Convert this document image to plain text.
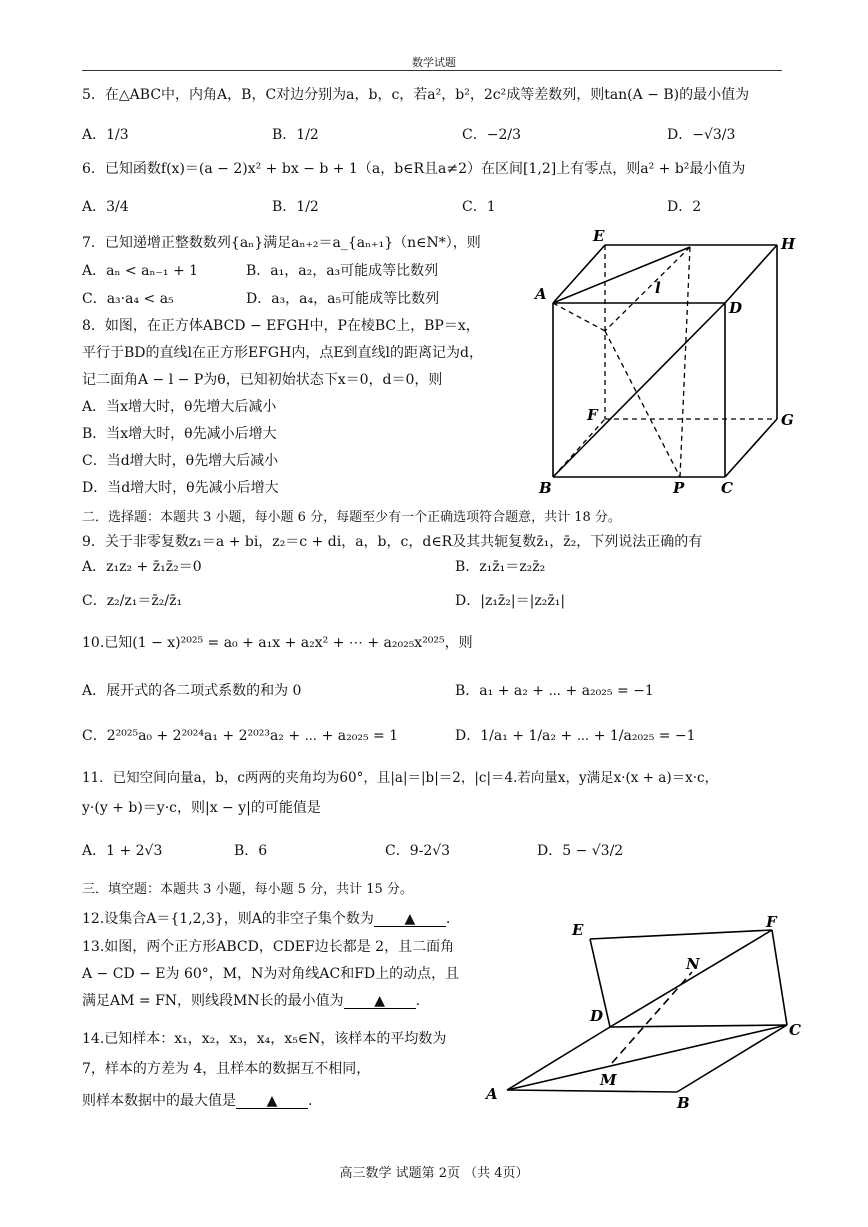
数学试题
5．在△ABC中，内角A，B，C对边分别为a，b，c，若a²，b²，2c²成等差数列，则tan(A − B)的最小值为
A．1/3	B．1/2	C．−2/3	D．−√3/3
6．已知函数f(x)＝(a − 2)x² + bx − b + 1（a，b∈R且a≠2）在区间[1,2]上有零点，则a² + b²最小值为
A．3/4	B．1/2	C．1	D．2
7．已知递增正整数数列{aₙ}满足aₙ₊₂＝a_{aₙ₊₁}（n∈N*），则
A．aₙ < aₙ₋₁ + 1	B．a₁，a₂，a₃可能成等比数列
C．a₃·a₄ < a₅	D．a₃，a₄，a₅可能成等比数列
8．如图，在正方体ABCD − EFGH中，P在棱BC上，BP＝x，
平行于BD的直线l在正方形EFGH内，点E到直线l的距离记为d，
记二面角A − l − P为θ，已知初始状态下x＝0，d＝0，则
A．当x增大时，θ先增大后减小
B．当x增大时，θ先减小后增大
C．当d增大时，θ先增大后减小
D．当d增大时，θ先减小后增大
E	H
A
D
l
F	G
B	P C
二．选择题：本题共 3 小题，每小题 6 分，每题至少有一个正确选项符合题意，共计 18 分。
9．关于非零复数z₁＝a + bi，z₂＝c + di，a，b，c，d∈R及其共轭复数z̄₁，z̄₂，下列说法正确的有
A．z₁z₂ + z̄₁z̄₂＝0	B．z₁z̄₁＝z₂z̄₂
C．z₂/z₁＝z̄₂/z̄₁	D．|z₁z̄₂|＝|z₂z̄₁|
10.已知(1 − x)²⁰²⁵ = a₀ + a₁x + a₂x² + ⋯ + a₂₀₂₅x²⁰²⁵，则
A．展开式的各二项式系数的和为 0	B．a₁ + a₂ + ⋯ + a₂₀₂₅ = −1
C．2²⁰²⁵a₀ + 2²⁰²⁴a₁ + 2²⁰²³a₂ + ⋯ + a₂₀₂₅ = 1	D．1/a₁ + 1/a₂ + ⋯ + 1/a₂₀₂₅ = −1
11．已知空间向量a，b，c两两的夹角均为60°，且|a|＝|b|＝2，|c|＝4.若向量x，y满足x·(x + a)＝x·c，
y·(y + b)＝y·c，则|x − y|的可能值是
A．1 + 2√3	B．6	C．9-2√3	D．5 − √3/2
三．填空题：本题共 3 小题，每小题 5 分，共计 15 分。
12.设集合A＝{1,2,3}，则A的非空子集个数为 ▲ .
13.如图，两个正方形ABCD，CDEF边长都是 2，且二面角
A − CD − E为 60°，M，N为对角线AC和FD上的动点，且
满足AM = FN，则线段MN长的最小值为 ▲ .
14.已知样本：x₁，x₂，x₃，x₄，x₅∈N，该样本的平均数为
7，样本的方差为 4，且样本的数据互不相同，
则样本数据中的最大值是 ▲ .
E	F
N
D
C
M
A	B
高三数学 试题第 2页 （共 4页）
